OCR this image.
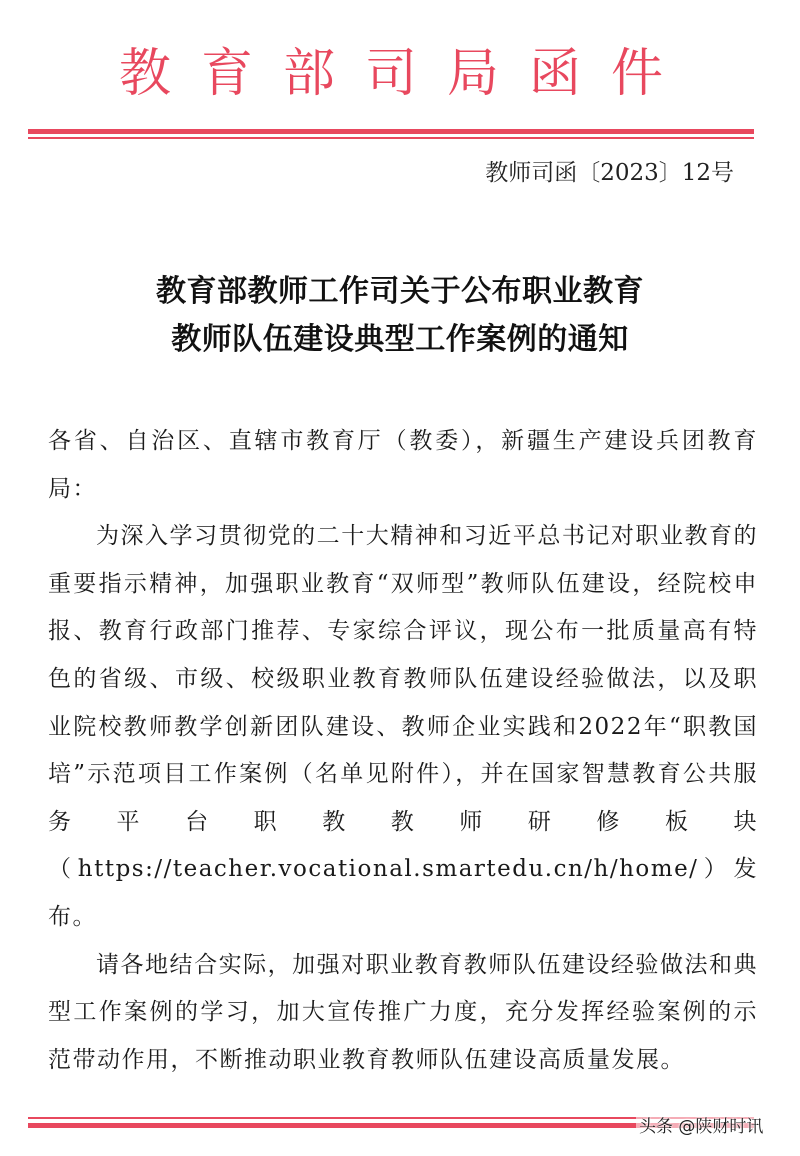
教育部司局函件
教师司函〔2023〕12号
教育部教师工作司关于公布职业教育
教师队伍建设典型工作案例的通知

各省、自治区、直辖市教育厅（教委），新疆生产建设兵团教育局：

为深入学习贯彻党的二十大精神和习近平总书记对职业教育的重要指示精神，加强职业教育“双师型”教师队伍建设，经院校申报、教育行政部门推荐、专家综合评议，现公布一批质量高有特色的省级、市级、校级职业教育教师队伍建设经验做法，以及职业院校教师教学创新团队建设、教师企业实践和2022年“职教国培”示范项目工作案例（名单见附件），并在国家智慧教育公共服务平台职教教师研修板块（https://teacher.vocational.smartedu.cn/h/home/）发布。

请各地结合实际，加强对职业教育教师队伍建设经验做法和典型工作案例的学习，加大宣传推广力度，充分发挥经验案例的示范带动作用，不断推动职业教育教师队伍建设高质量发展。

头条 @陕财时讯
